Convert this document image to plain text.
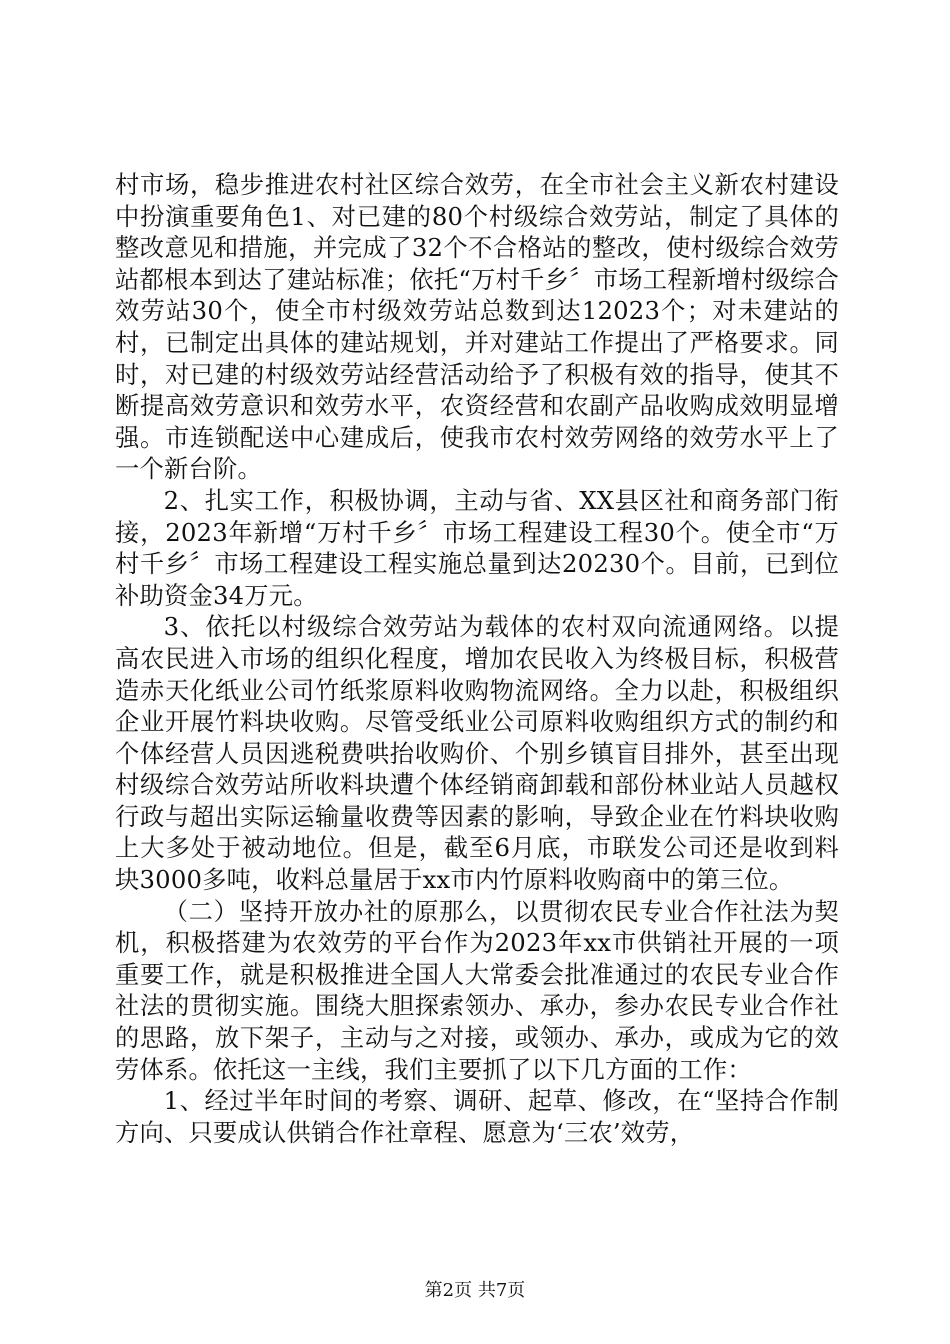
村市场，稳步推进农村社区综合效劳，在全市社会主义新农村建设中扮演重要角色1、对已建的80个村级综合效劳站，制定了具体的整改意见和措施，并完成了32个不合格站的整改，使村级综合效劳站都根本到达了建站标准；依托“万村千乡〞市场工程新增村级综合效劳站30个，使全市村级效劳站总数到达12023个；对未建站的村，已制定出具体的建站规划，并对建站工作提出了严格要求。同时，对已建的村级效劳站经营活动给予了积极有效的指导，使其不断提高效劳意识和效劳水平，农资经营和农副产品收购成效明显增强。市连锁配送中心建成后，使我市农村效劳网络的效劳水平上了一个新台阶。

2、扎实工作，积极协调，主动与省、XX县区社和商务部门衔接，2023年新增“万村千乡〞市场工程建设工程30个。使全市“万村千乡〞市场工程建设工程实施总量到达20230个。目前，已到位补助资金34万元。

3、依托以村级综合效劳站为载体的农村双向流通网络。以提高农民进入市场的组织化程度，增加农民收入为终极目标，积极营造赤天化纸业公司竹纸浆原料收购物流网络。全力以赴，积极组织企业开展竹料块收购。尽管受纸业公司原料收购组织方式的制约和个体经营人员因逃税费哄抬收购价、个别乡镇盲目排外，甚至出现村级综合效劳站所收料块遭个体经销商卸载和部份林业站人员越权行政与超出实际运输量收费等因素的影响，导致企业在竹料块收购上大多处于被动地位。但是，截至6月底，市联发公司还是收到料块3000多吨，收料总量居于xx市内竹原料收购商中的第三位。

（二）坚持开放办社的原那么，以贯彻农民专业合作社法为契机，积极搭建为农效劳的平台作为2023年xx市供销社开展的一项重要工作，就是积极推进全国人大常委会批准通过的农民专业合作社法的贯彻实施。围绕大胆探索领办、承办，参办农民专业合作社的思路，放下架子，主动与之对接，或领办、承办，或成为它的效劳体系。依托这一主线，我们主要抓了以下几方面的工作：

1、经过半年时间的考察、调研、起草、修改，在“坚持合作制方向、只要成认供销合作社章程、愿意为‘三农’效劳，

第2页 共7页
